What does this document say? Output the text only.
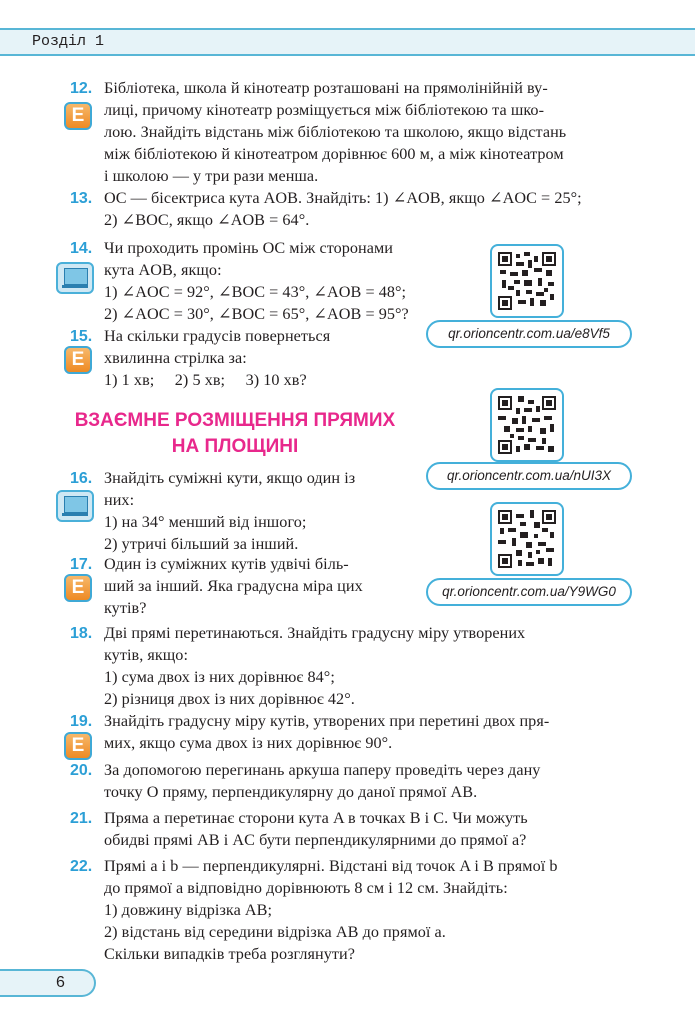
Розділ 1
12.
E

Бібліотека, школа й кінотеатр розташовані на прямолінійній ву-

лиці, причому кінотеатр розміщується між бібліотекою та шко-

лою. Знайдіть відстань між бібліотекою та школою, якщо відстань

між бібліотекою й кінотеатром дорівнює 600 м, а між кінотеатром

і школою — у три рази менша.

13. OC — бісектриса кута AOB. Знайдіть: 1) ∠AOB, якщо ∠AOC = 25°;

2) ∠BOC, якщо ∠AOB = 64°.

14. Чи проходить промінь OC між сторонами

кута AOB, якщо:

1) ∠AOC = 92°, ∠BOC = 43°, ∠AOB = 48°;

2) ∠AOC = 30°, ∠BOC = 65°, ∠AOB = 95°?

15.
E

На скільки градусів повернеться

хвилинна стрілка за:

1) 1 хв;     2) 5 хв;     3) 10 хв?

qr.orioncentr.com.ua/e8Vf5
ВЗАЄМНЕ РОЗМІЩЕННЯ ПРЯМИХ
НА ПЛОЩИНІ
qr.orioncentr.com.ua/nUI3X
16. Знайдіть суміжні кути, якщо один із

них:

1) на 34° менший від іншого;

2) утричі більший за інший.

qr.orioncentr.com.ua/Y9WG0
17.
E

Один із суміжних кутів удвічі біль-

ший за інший. Яка градусна міра цих

кутів?

18. Дві прямі перетинаються. Знайдіть градусну міру утворених

кутів, якщо:

1) сума двох із них дорівнює 84°;

2) різниця двох із них дорівнює 42°.

19.
E

Знайдіть градусну міру кутів, утворених при перетині двох пря-

мих, якщо сума двох із них дорівнює 90°.

20. За допомогою перегинань аркуша паперу проведіть через дану

точку O пряму, перпендикулярну до даної прямої AB.

21. Пряма a перетинає сторони кута A в точках B і C. Чи можуть

обидві прямі AB і AC бути перпендикулярними до прямої a?

22. Прямі a і b — перпендикулярні. Відстані від точок A і B прямої b

до прямої a відповідно дорівнюють 8 см і 12 см. Знайдіть:

1) довжину відрізка AB;

2) відстань від середини відрізка AB до прямої a.

Скільки випадків треба розглянути?

6
